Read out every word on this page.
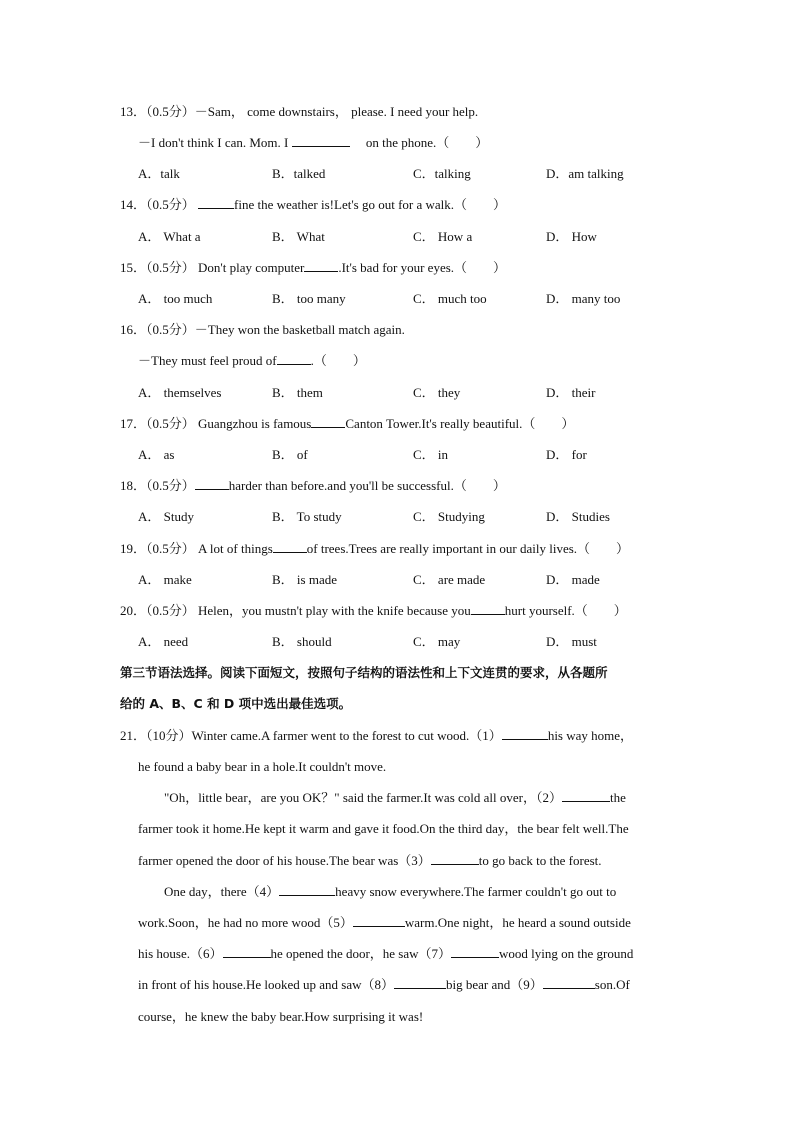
13．（0.5分）－Sam， come downstairs， please. I need your help.
－I don't think I can. Mom. I	on the phone.（　　）
A．talk	B．talked	C．talking	D．am talking
14．（0.5分）	fine the weather is!Let's go out for a walk.（　　）
A． What a	B． What	C． How a	D． How
15．（0.5分） Don't play computer	.It's bad for your eyes.（　　）
A． too much	B． too many	C． much too	D． many too
16．（0.5分）－They won the basketball match again.
－They must feel proud of	.（　　）
A． themselves	B． them	C． they	D． their
17．（0.5分） Guangzhou is famous	Canton Tower.It's really beautiful.（　　）
A． as	B． of	C． in	D． for
18．（0.5分）	harder than before.and you'll be successful.（　　）
A． Study	B． To study	C． Studying	D． Studies
19．（0.5分） A lot of things	of trees.Trees are really important in our daily lives.（　　）
A． make	B． is made	C． are made	D． made
20．（0.5分） Helen，you mustn't play with the knife because you	hurt yourself.（　　）
A． need	B． should	C． may	D． must
第三节语法选择。阅读下面短文，按照句子结构的语法性和上下文连贯的要求，从各题所
给的 A、B、C 和 D 项中选出最佳选项。
21．（10分）Winter came.A farmer went to the forest to cut wood.（1）	his way home，
he found a baby bear in a hole.It couldn't move.
"Oh，little bear，are you OK？" said the farmer.It was cold all over，（2）	the
farmer took it home.He kept it warm and gave it food.On the third day，the bear felt well.The
farmer opened the door of his house.The bear was（3）	to go back to the forest.
One day，there（4）	heavy snow everywhere.The farmer couldn't go out to
work.Soon，he had no more wood（5）	warm.One night，he heard a sound outside
his house.（6）	he opened the door，he saw（7）	wood lying on the ground
in front of his house.He looked up and saw（8）	big bear and（9）	son.Of
course，he knew the baby bear.How surprising it was!
